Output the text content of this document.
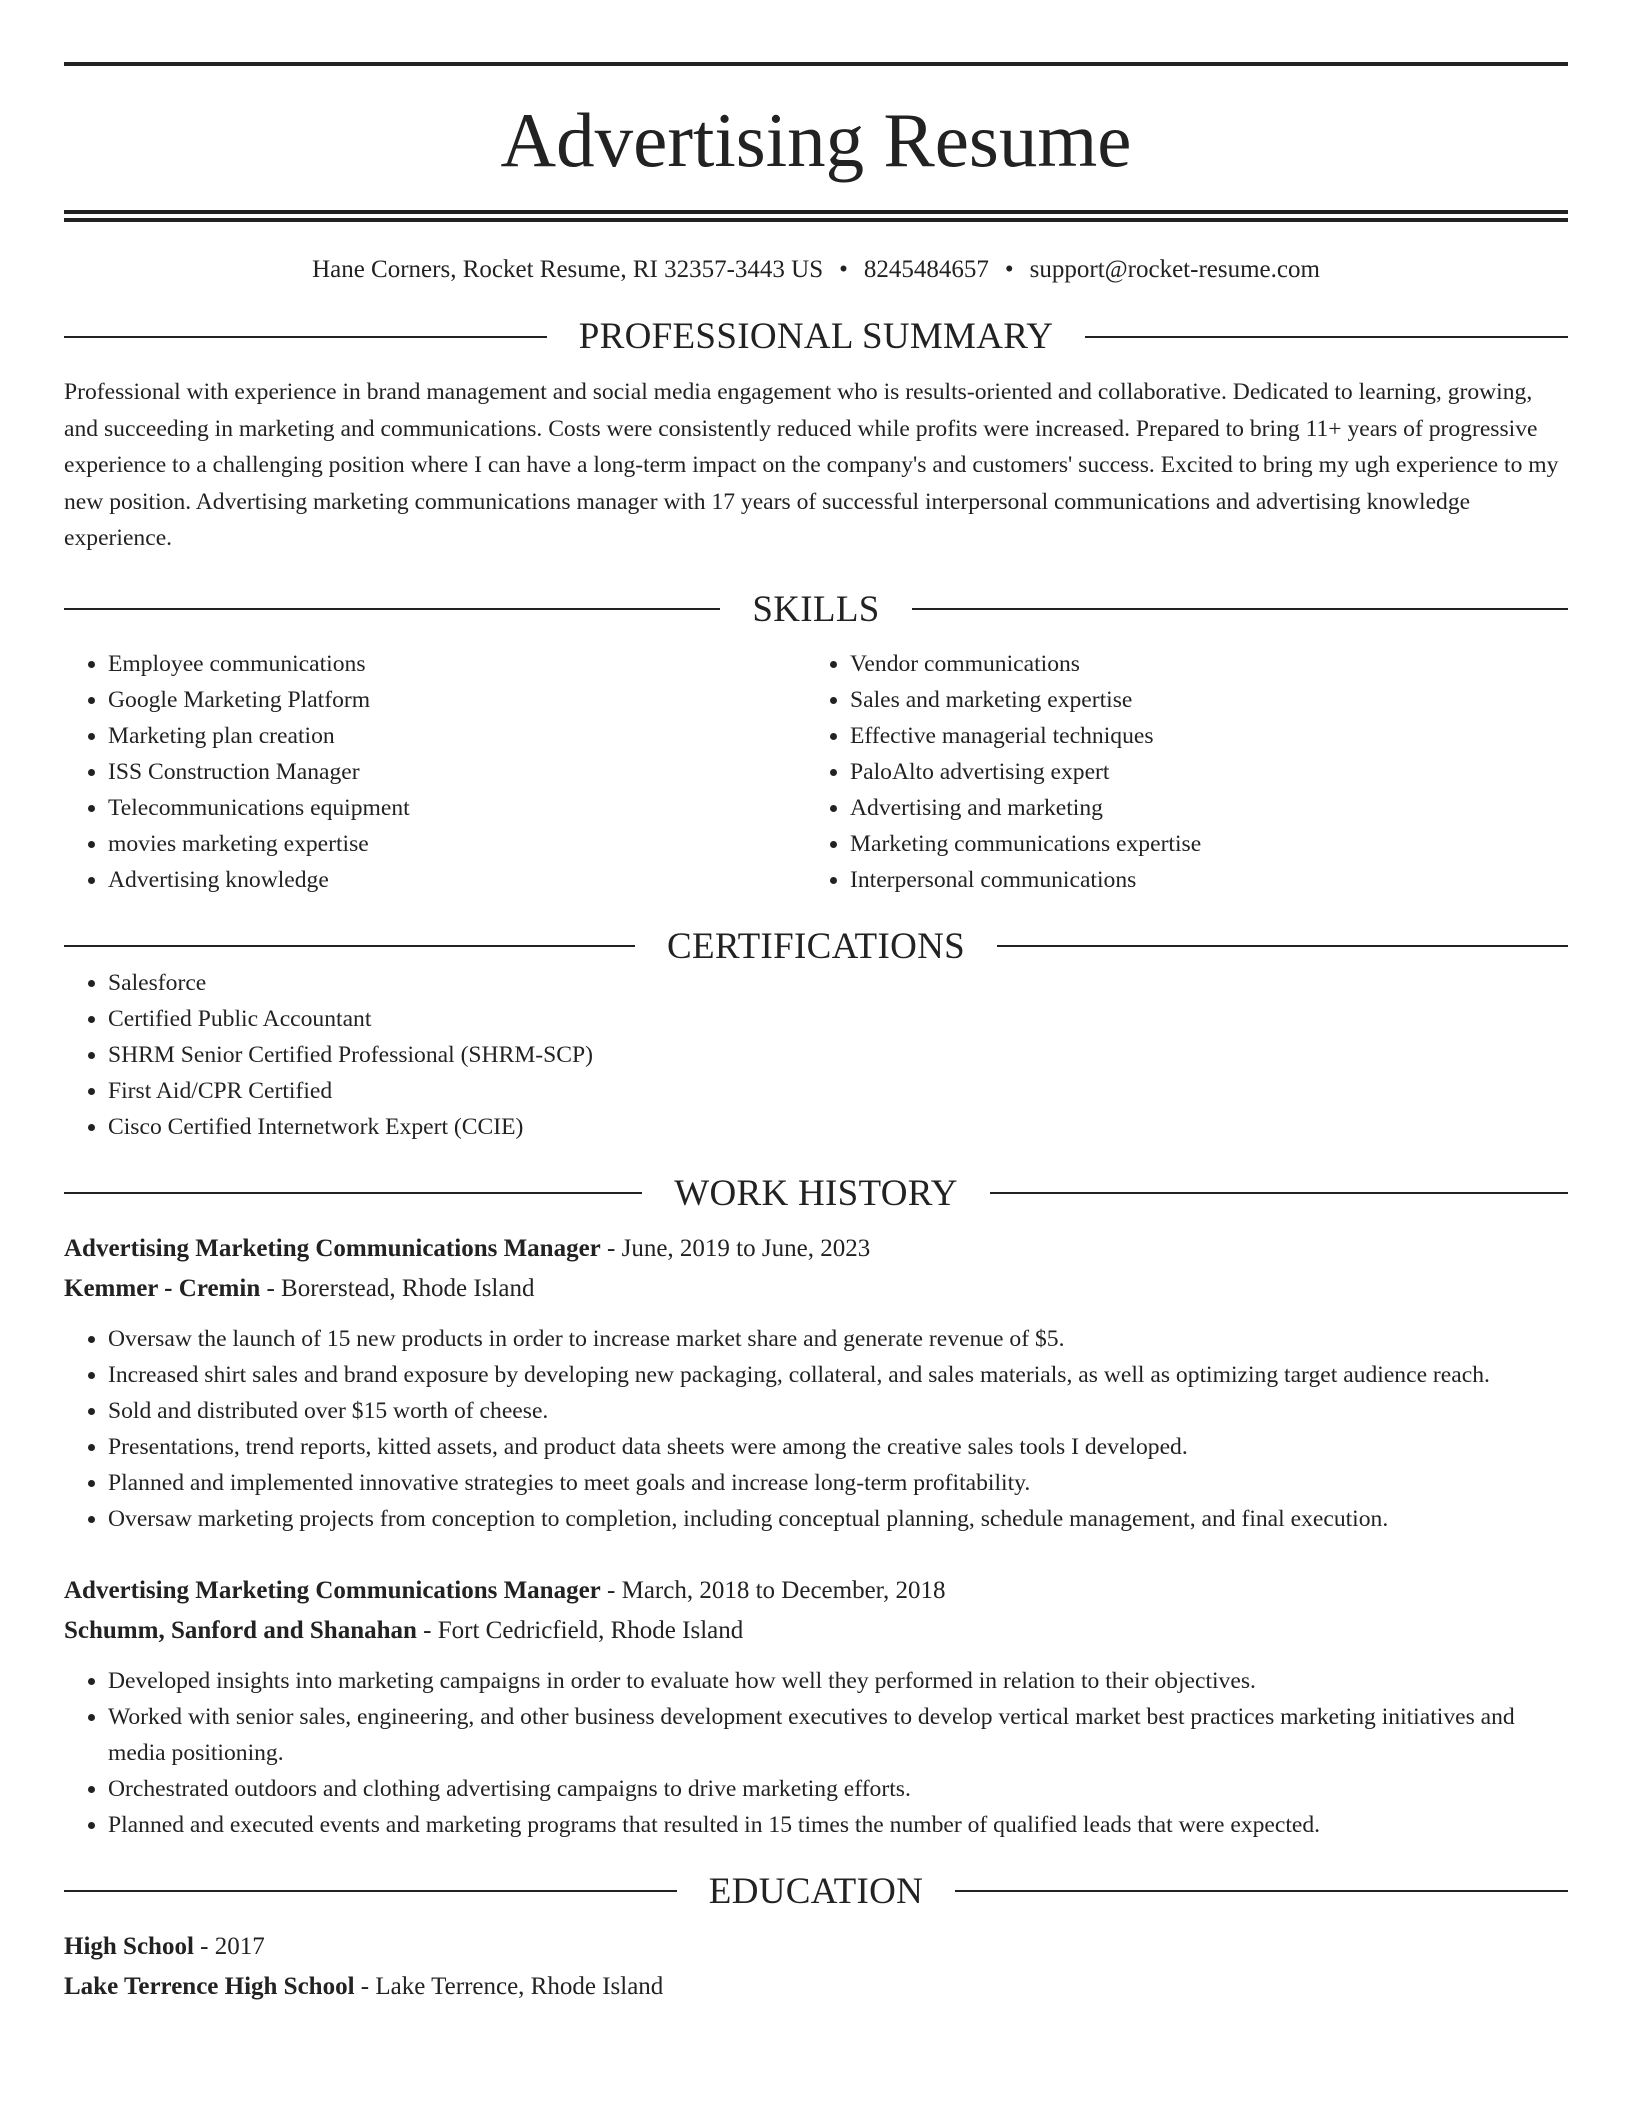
Advertising Resume
Hane Corners, Rocket Resume, RI 32357-3443 US • 8245484657 • support@rocket-resume.com
PROFESSIONAL SUMMARY
Professional with experience in brand management and social media engagement who is results-oriented and collaborative. Dedicated to learning, growing, and succeeding in marketing and communications. Costs were consistently reduced while profits were increased. Prepared to bring 11+ years of progressive experience to a challenging position where I can have a long-term impact on the company's and customers' success. Excited to bring my ugh experience to my new position. Advertising marketing communications manager with 17 years of successful interpersonal communications and advertising knowledge experience.
SKILLS
• Employee communications
• Google Marketing Platform
• Marketing plan creation
• ISS Construction Manager
• Telecommunications equipment
• movies marketing expertise
• Advertising knowledge
• Vendor communications
• Sales and marketing expertise
• Effective managerial techniques
• PaloAlto advertising expert
• Advertising and marketing
• Marketing communications expertise
• Interpersonal communications
CERTIFICATIONS
• Salesforce
• Certified Public Accountant
• SHRM Senior Certified Professional (SHRM-SCP)
• First Aid/CPR Certified
• Cisco Certified Internetwork Expert (CCIE)
WORK HISTORY
Advertising Marketing Communications Manager - June, 2019 to June, 2023
Kemmer - Cremin - Borerstead, Rhode Island
• Oversaw the launch of 15 new products in order to increase market share and generate revenue of $5.
• Increased shirt sales and brand exposure by developing new packaging, collateral, and sales materials, as well as optimizing target audience reach.
• Sold and distributed over $15 worth of cheese.
• Presentations, trend reports, kitted assets, and product data sheets were among the creative sales tools I developed.
• Planned and implemented innovative strategies to meet goals and increase long-term profitability.
• Oversaw marketing projects from conception to completion, including conceptual planning, schedule management, and final execution.
Advertising Marketing Communications Manager - March, 2018 to December, 2018
Schumm, Sanford and Shanahan - Fort Cedricfield, Rhode Island
• Developed insights into marketing campaigns in order to evaluate how well they performed in relation to their objectives.
• Worked with senior sales, engineering, and other business development executives to develop vertical market best practices marketing initiatives and media positioning.
• Orchestrated outdoors and clothing advertising campaigns to drive marketing efforts.
• Planned and executed events and marketing programs that resulted in 15 times the number of qualified leads that were expected.
EDUCATION
High School - 2017
Lake Terrence High School - Lake Terrence, Rhode Island
